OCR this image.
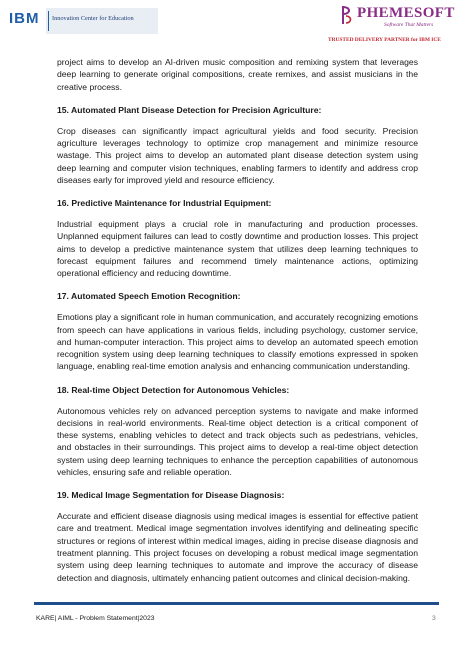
IBM Innovation Center for Education	PHEMESOFT
Software That Matters
TRUSTED DELIVERY PARTNER for IBM ICE

project aims to develop an AI-driven music composition and remixing system that leverages deep learning to generate original compositions, create remixes, and assist musicians in the creative process.

15. Automated Plant Disease Detection for Precision Agriculture:

Crop diseases can significantly impact agricultural yields and food security. Precision agriculture leverages technology to optimize crop management and minimize resource wastage. This project aims to develop an automated plant disease detection system using deep learning and computer vision techniques, enabling farmers to identify and address crop diseases early for improved yield and resource efficiency.

16. Predictive Maintenance for Industrial Equipment:

Industrial equipment plays a crucial role in manufacturing and production processes. Unplanned equipment failures can lead to costly downtime and production losses. This project aims to develop a predictive maintenance system that utilizes deep learning techniques to forecast equipment failures and recommend timely maintenance actions, optimizing operational efficiency and reducing downtime.

17. Automated Speech Emotion Recognition:

Emotions play a significant role in human communication, and accurately recognizing emotions from speech can have applications in various fields, including psychology, customer service, and human-computer interaction. This project aims to develop an automated speech emotion recognition system using deep learning techniques to classify emotions expressed in spoken language, enabling real-time emotion analysis and enhancing communication understanding.

18. Real-time Object Detection for Autonomous Vehicles:

Autonomous vehicles rely on advanced perception systems to navigate and make informed decisions in real-world environments. Real-time object detection is a critical component of these systems, enabling vehicles to detect and track objects such as pedestrians, vehicles, and obstacles in their surroundings. This project aims to develop a real-time object detection system using deep learning techniques to enhance the perception capabilities of autonomous vehicles, ensuring safe and reliable operation.

19. Medical Image Segmentation for Disease Diagnosis:

Accurate and efficient disease diagnosis using medical images is essential for effective patient care and treatment. Medical image segmentation involves identifying and delineating specific structures or regions of interest within medical images, aiding in precise disease diagnosis and treatment planning. This project focuses on developing a robust medical image segmentation system using deep learning techniques to automate and improve the accuracy of disease detection and diagnosis, ultimately enhancing patient outcomes and clinical decision-making.

KARE| AIML - Problem Statement|2023	3
